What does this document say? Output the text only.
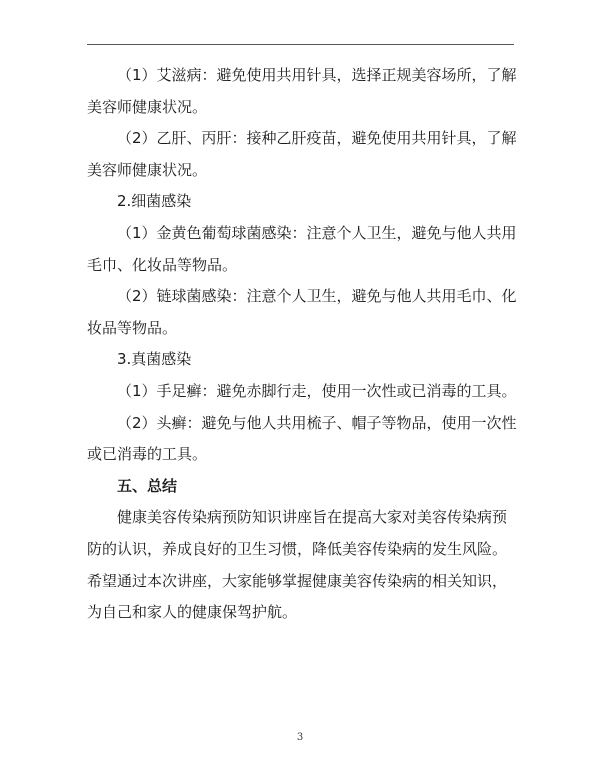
（1）艾滋病：避免使用共用针具，选择正规美容场所，了解美容师健康状况。

（2）乙肝、丙肝：接种乙肝疫苗，避免使用共用针具，了解美容师健康状况。

2.细菌感染

（1）金黄色葡萄球菌感染：注意个人卫生，避免与他人共用毛巾、化妆品等物品。

（2）链球菌感染：注意个人卫生，避免与他人共用毛巾、化妆品等物品。

3.真菌感染

（1）手足癣：避免赤脚行走，使用一次性或已消毒的工具。

（2）头癣：避免与他人共用梳子、帽子等物品，使用一次性或已消毒的工具。

五、总结

健康美容传染病预防知识讲座旨在提高大家对美容传染病预防的认识，养成良好的卫生习惯，降低美容传染病的发生风险。希望通过本次讲座，大家能够掌握健康美容传染病的相关知识，为自己和家人的健康保驾护航。

3
